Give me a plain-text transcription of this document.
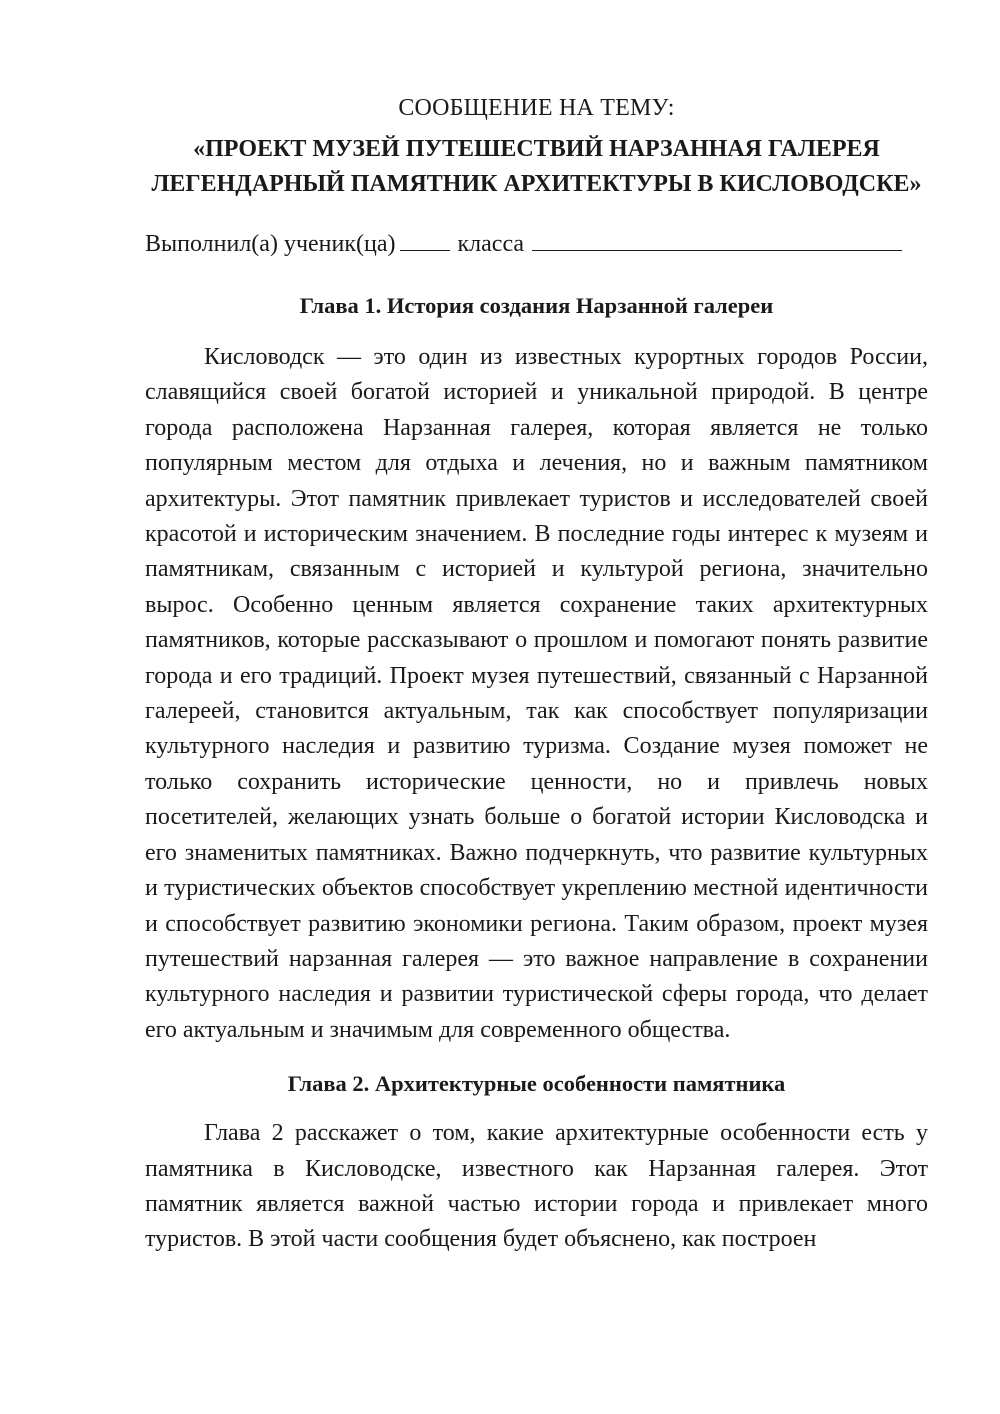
СООБЩЕНИЕ НА ТЕМУ:

«ПРОЕКТ МУЗЕЙ ПУТЕШЕСТВИЙ НАРЗАННАЯ ГАЛЕРЕЯ

ЛЕГЕНДАРНЫЙ ПАМЯТНИК АРХИТЕКТУРЫ В КИСЛОВОДСКЕ»

Выполнил(а) ученик(ца)	класса

Глава 1. История создания Нарзанной галереи

Кисловодск — это один из известных курортных городов России, славящийся своей богатой историей и уникальной природой. В центре города расположена Нарзанная галерея, которая является не только популярным местом для отдыха и лечения, но и важным памятником архитектуры. Этот памятник привлекает туристов и исследователей своей красотой и историческим значением. В последние годы интерес к музеям и памятникам, связанным с историей и культурой региона, значительно вырос. Особенно ценным является сохранение таких архитектурных памятников, которые рассказывают о прошлом и помогают понять развитие города и его традиций. Проект музея путешествий, связанный с Нарзанной галереей, становится актуальным, так как способствует популяризации культурного наследия и развитию туризма. Создание музея поможет не только сохранить исторические ценности, но и привлечь новых посетителей, желающих узнать больше о богатой истории Кисловодска и его знаменитых памятниках. Важно подчеркнуть, что развитие культурных и туристических объектов способствует укреплению местной идентичности и способствует развитию экономики региона. Таким образом, проект музея путешествий нарзанная галерея — это важное направление в сохранении культурного наследия и развитии туристической сферы города, что делает его актуальным и значимым для современного общества.

Глава 2. Архитектурные особенности памятника

Глава 2 расскажет о том, какие архитектурные особенности есть у памятника в Кисловодске, известного как Нарзанная галерея. Этот памятник является важной частью истории города и привлекает много туристов. В этой части сообщения будет объяснено, как построен
